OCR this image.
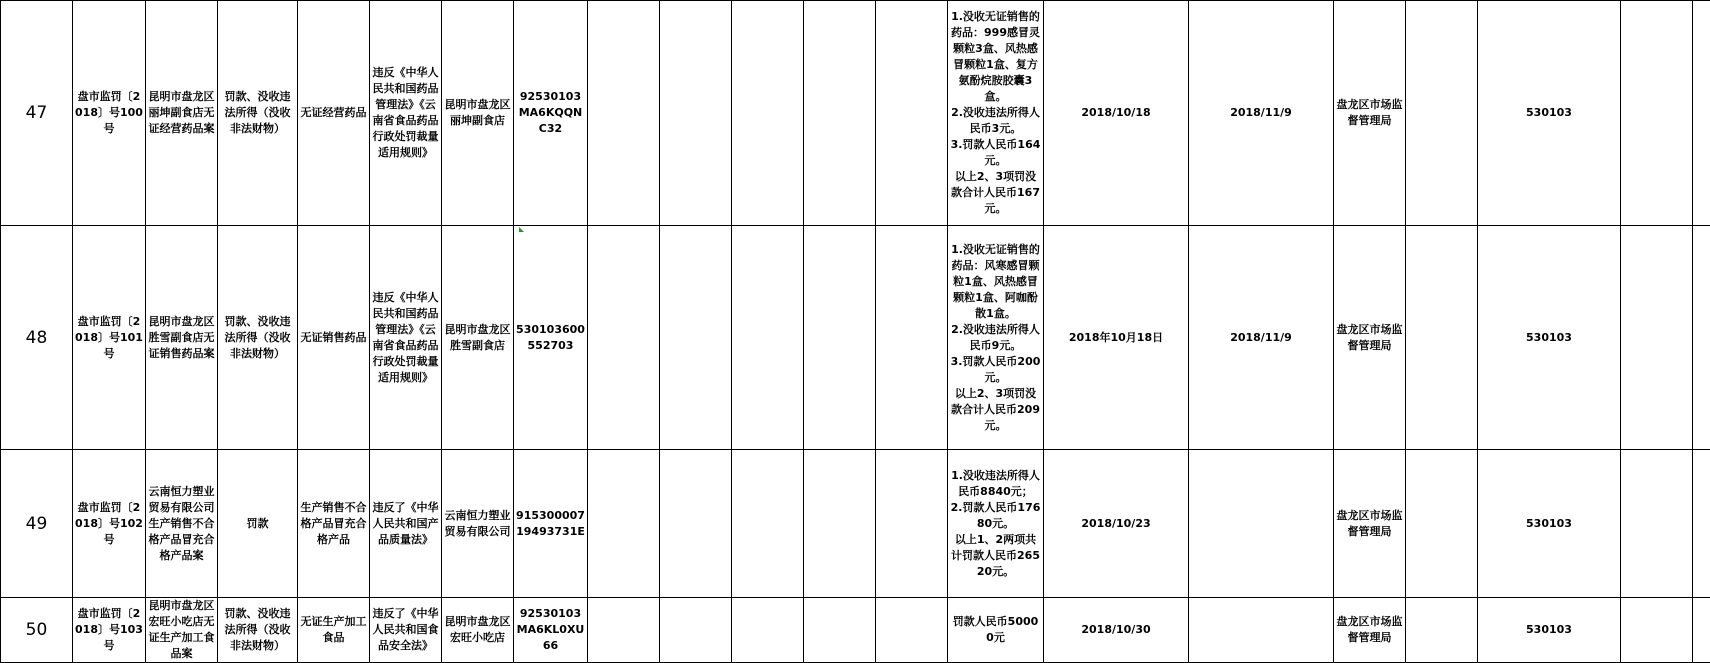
47	盘市监罚〔2018〕号100号	昆明市盘龙区丽坤副食店无证经营药品案	罚款、没收违法所得（没收非法财物）	无证经营药品	违反《中华人民共和国药品管理法》《云南省食品药品行政处罚裁量适用规则》	昆明市盘龙区丽坤副食店	92530103MA6KQQNC32						1.没收无证销售的药品：999感冒灵颗粒3盒、风热感冒颗粒1盒、复方氨酚烷胺胶囊3盒。
2.没收违法所得人民币3元。
3.罚款人民币164元。
以上2、3项罚没款合计人民币167元。	2018/10/18	2018/11/9	盘龙区市场监督管理局		530103		
48	盘市监罚〔2018〕号101号	昆明市盘龙区胜雪副食店无证销售药品案	罚款、没收违法所得（没收非法财物）	无证销售药品	违反《中华人民共和国药品管理法》《云南省食品药品行政处罚裁量适用规则》	昆明市盘龙区胜雪副食店	530103600552703						1.没收无证销售的药品：风寒感冒颗粒1盒、风热感冒颗粒1盒、阿咖酚散1盒。
2.没收违法所得人民币9元。
3.罚款人民币200元。
以上2、3项罚没款合计人民币209元。	2018年10月18日	2018/11/9	盘龙区市场监督管理局		530103		
49	盘市监罚〔2018〕号102号	云南恒力塑业贸易有限公司生产销售不合格产品冒充合格产品案	罚款	生产销售不合格产品冒充合格产品	违反了《中华人民共和国产品质量法》	云南恒力塑业贸易有限公司	91530000719493731E						1.没收违法所得人民币8840元；
2.罚款人民币17680元。
以上1、2两项共计罚款人民币26520元。	2018/10/23		盘龙区市场监督管理局		530103		
50	盘市监罚〔2018〕号103号	昆明市盘龙区宏旺小吃店无证生产加工食品案	罚款、没收违法所得（没收非法财物）	无证生产加工食品	违反了《中华人民共和国食品安全法》	昆明市盘龙区宏旺小吃店	92530103MA6KL0XU66						罚款人民币50000元	2018/10/30		盘龙区市场监督管理局		530103		
